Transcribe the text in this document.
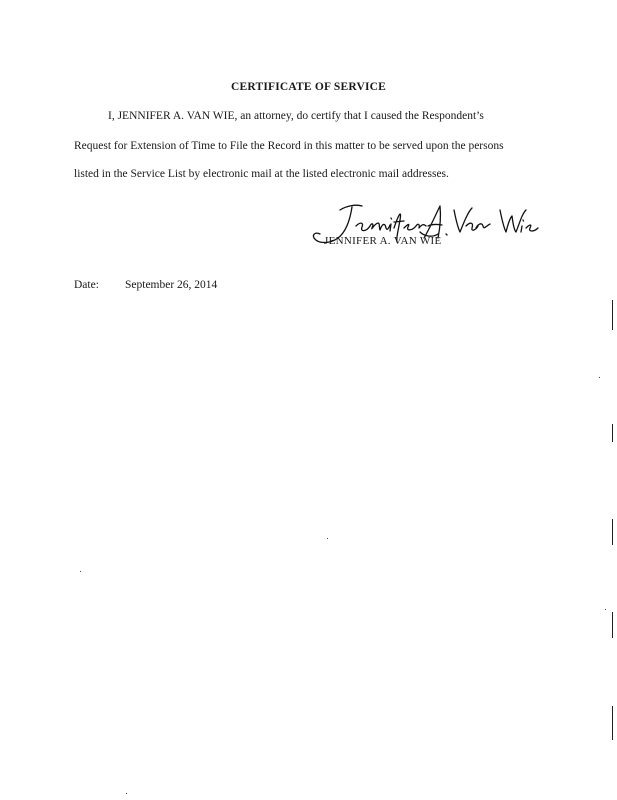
CERTIFICATE OF SERVICE
I, JENNIFER A. VAN WIE, an attorney, do certify that I caused the Respondent’s
Request for Extension of Time to File the Record in this matter to be served upon the persons
listed in the Service List by electronic mail at the listed electronic mail addresses.
JENNIFER A. VAN WIE
Date: September 26, 2014
